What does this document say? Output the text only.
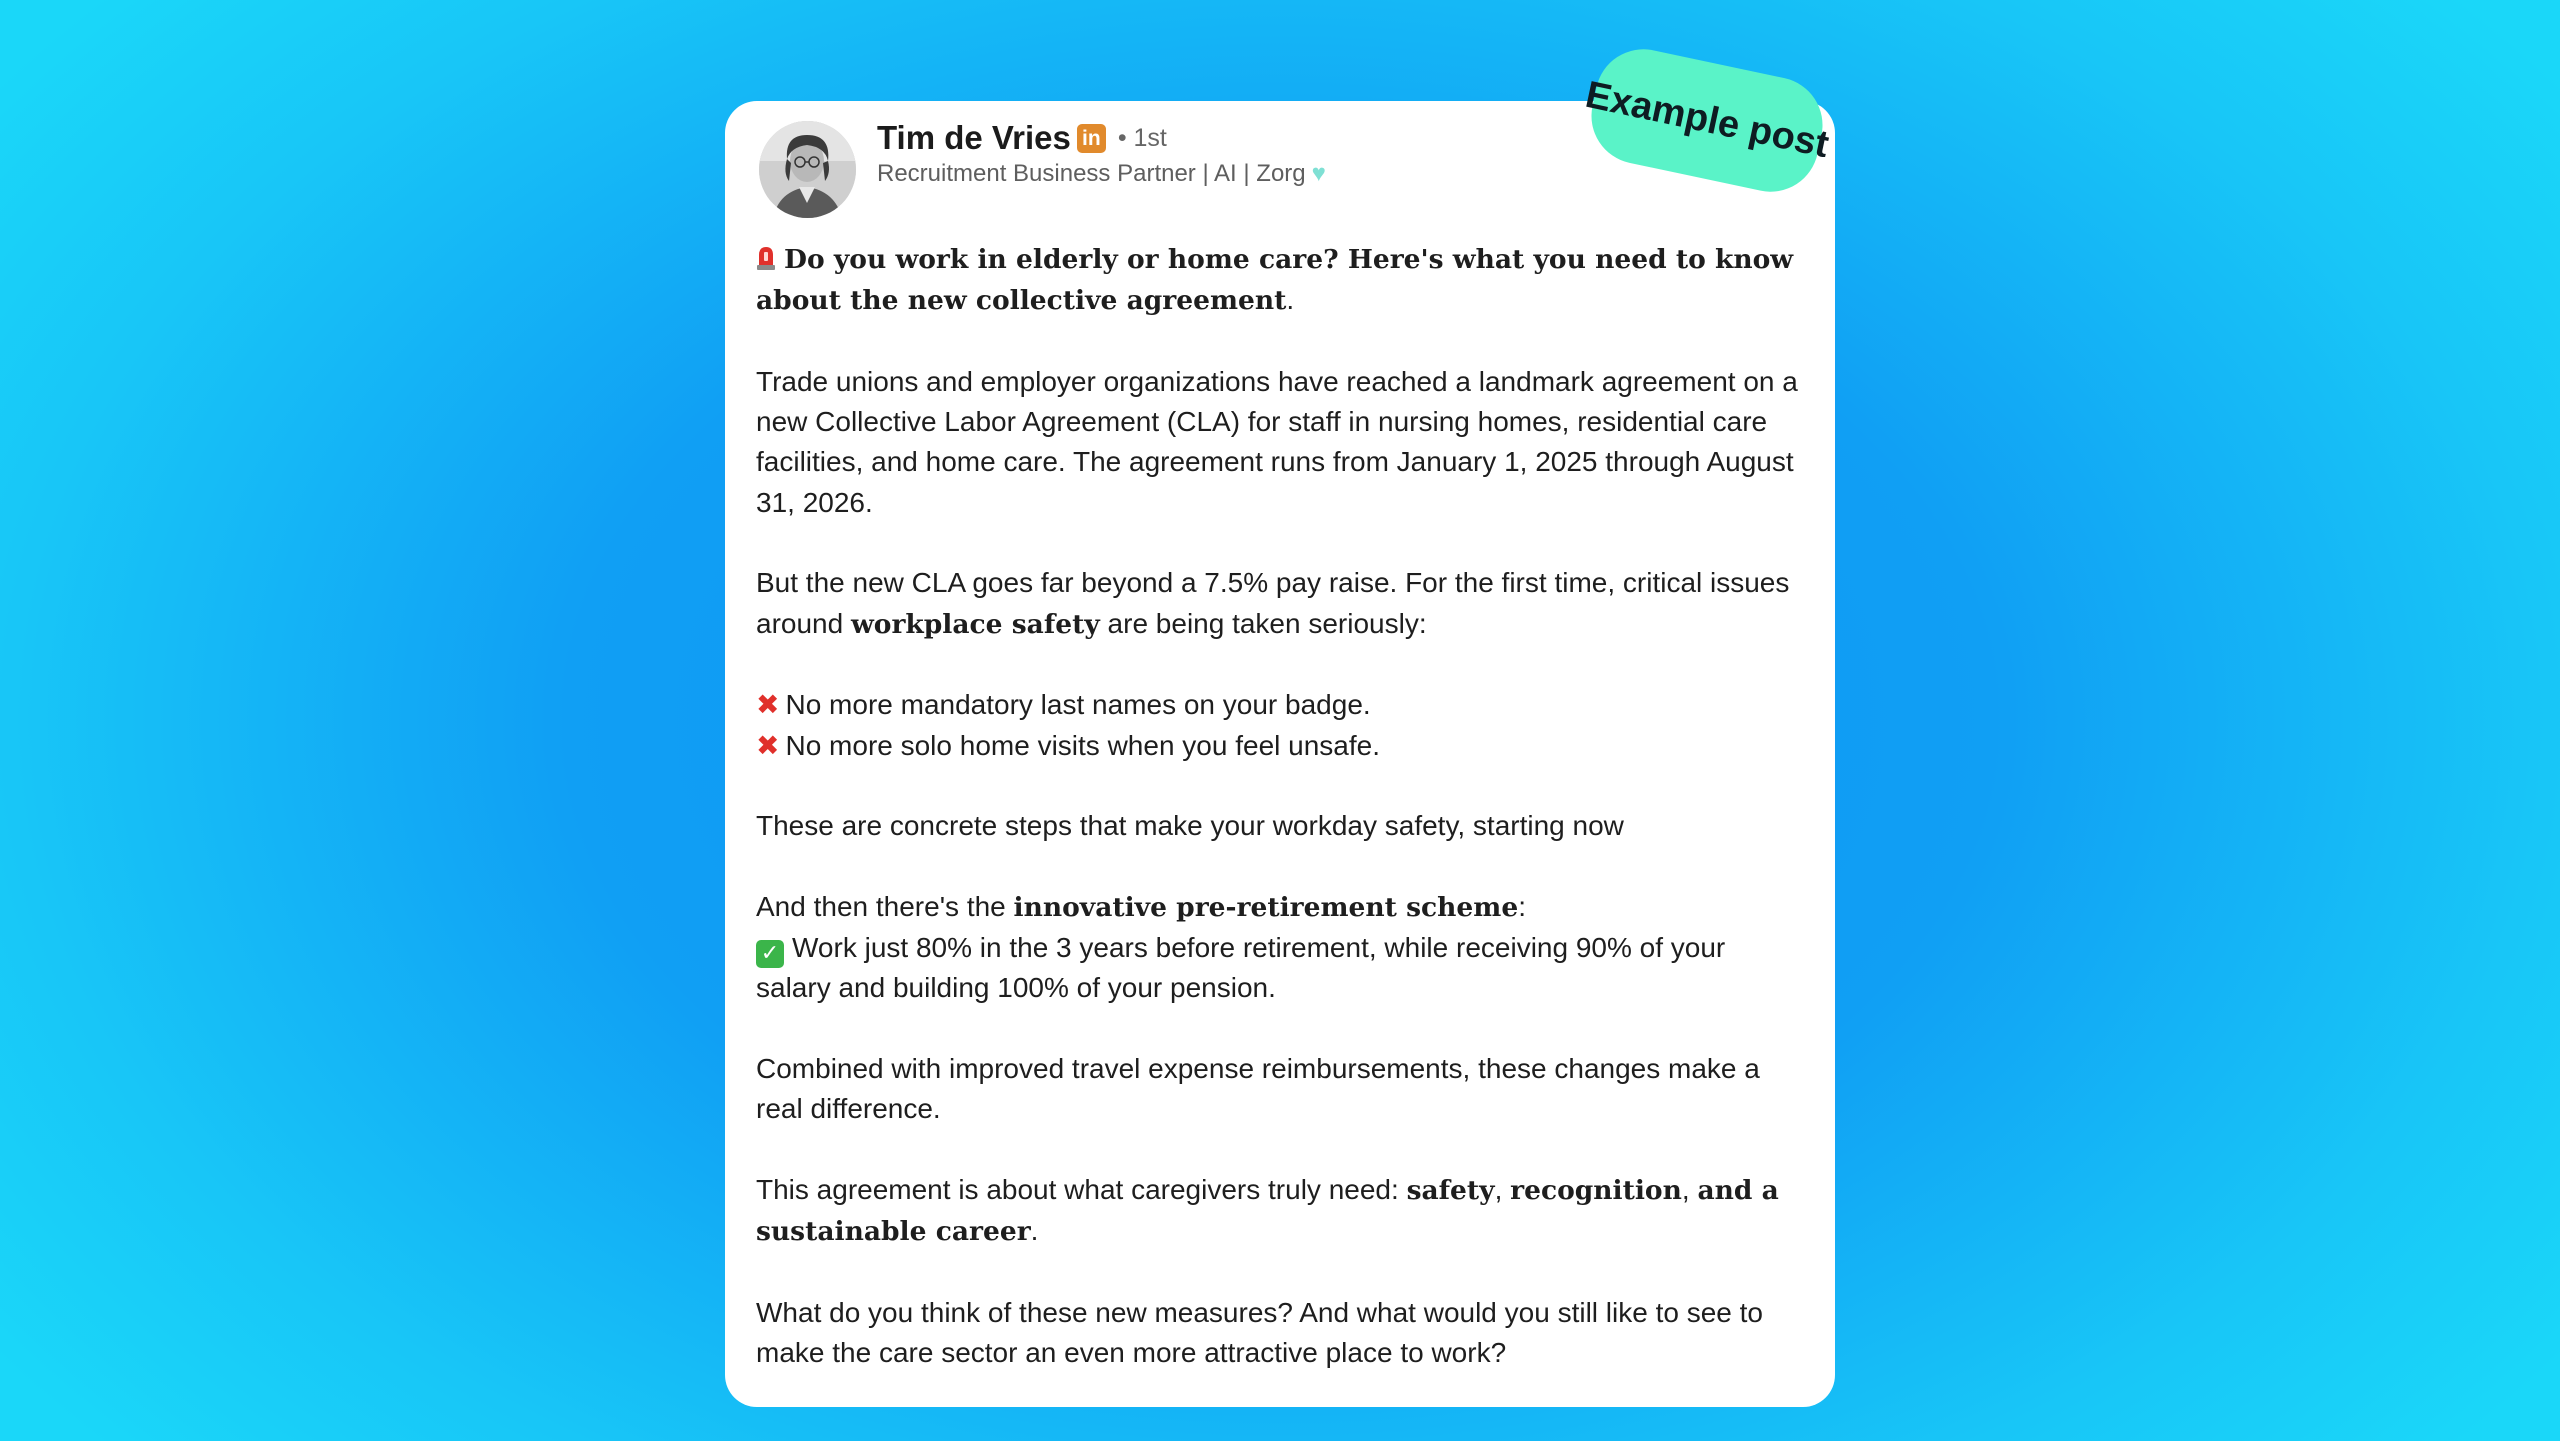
Tim de Vries in • 1st
Recruitment Business Partner | AI | Zorg ♥

Do you work in elderly or home care? Here's what you need to know about the new collective agreement.

Trade unions and employer organizations have reached a landmark agreement on a new Collective Labor Agreement (CLA) for staff in nursing homes, residential care facilities, and home care. The agreement runs from January 1, 2025 through August 31, 2026.

But the new CLA goes far beyond a 7.5% pay raise. For the first time, critical issues around workplace safety are being taken seriously:

✖ No more mandatory last names on your badge.

✖ No more solo home visits when you feel unsafe.

These are concrete steps that make your workday safety, starting now

And then there's the innovative pre-retirement scheme:

✓ Work just 80% in the 3 years before retirement, while receiving 90% of your salary and building 100% of your pension.

Combined with improved travel expense reimbursements, these changes make a real difference.

This agreement is about what caregivers truly need: safety, recognition, and a sustainable career.

What do you think of these new measures? And what would you still like to see to make the care sector an even more attractive place to work?

Example post
